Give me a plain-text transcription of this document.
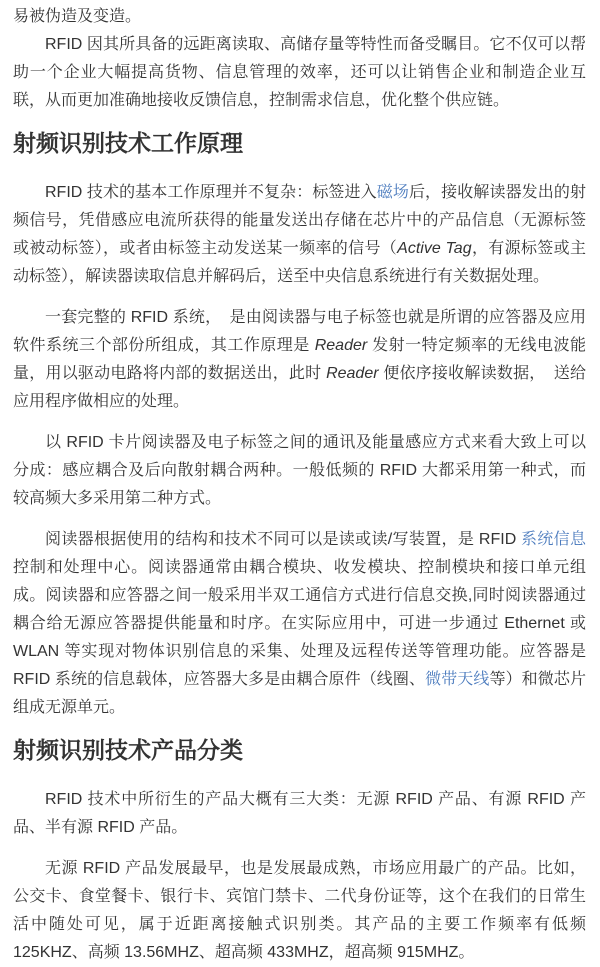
易被伪造及变造。

RFID 因其所具备的远距离读取、高储存量等特性而备受瞩目。它不仅可以帮助一个企业大幅提高货物、信息管理的效率，还可以让销售企业和制造企业互联，从而更加准确地接收反馈信息，控制需求信息，优化整个供应链。

射频识别技术工作原理

RFID 技术的基本工作原理并不复杂：标签进入磁场后，接收解读器发出的射频信号，凭借感应电流所获得的能量发送出存储在芯片中的产品信息（无源标签或被动标签），或者由标签主动发送某一频率的信号（Active Tag，有源标签或主动标签），解读器读取信息并解码后，送至中央信息系统进行有关数据处理。

一套完整的 RFID 系统，　是由阅读器与电子标签也就是所谓的应答器及应用软件系统三个部份所组成，其工作原理是 Reader 发射一特定频率的无线电波能量，用以驱动电路将内部的数据送出，此时 Reader 便依序接收解读数据，　送给应用程序做相应的处理。

以 RFID 卡片阅读器及电子标签之间的通讯及能量感应方式来看大致上可以分成：感应耦合及后向散射耦合两种。一般低频的 RFID 大都采用第一种式，而较高频大多采用第二种方式。

阅读器根据使用的结构和技术不同可以是读或读/写装置，是 RFID 系统信息控制和处理中心。阅读器通常由耦合模块、收发模块、控制模块和接口单元组成。阅读器和应答器之间一般采用半双工通信方式进行信息交换,同时阅读器通过耦合给无源应答器提供能量和时序。在实际应用中，可进一步通过 Ethernet 或 WLAN 等实现对物体识别信息的采集、处理及远程传送等管理功能。应答器是 RFID 系统的信息载体，应答器大多是由耦合原件（线圈、微带天线等）和微芯片组成无源单元。

射频识别技术产品分类

RFID 技术中所衍生的产品大概有三大类：无源 RFID 产品、有源 RFID 产品、半有源 RFID 产品。

无源 RFID 产品发展最早，也是发展最成熟，市场应用最广的产品。比如，公交卡、食堂餐卡、银行卡、宾馆门禁卡、二代身份证等，这个在我们的日常生活中随处可见，属于近距离接触式识别类。其产品的主要工作频率有低频 125KHZ、高频 13.56MHZ、超高频 433MHZ，超高频 915MHZ。
